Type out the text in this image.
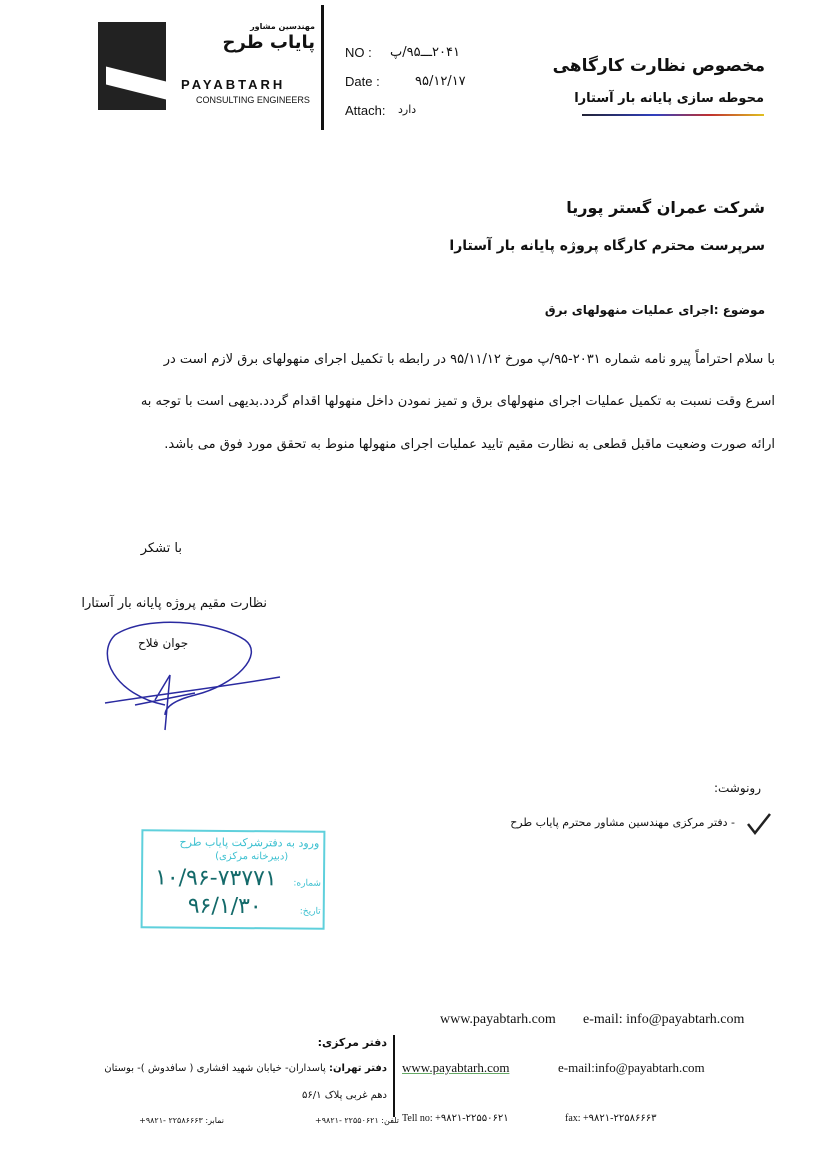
مهندسین مشاور
پایاب طرح
PAYABTARH
CONSULTING ENGINEERS
NO : ۲۰۴۱ـــ۹۵/پ
Date :	۹۵/۱۲/۱۷
Attach: دارد
مخصوص نظارت کارگاهی
محوطه سازی پایانه بار آستارا
شرکت عمران گستر پوریا
سرپرست محترم کارگاه پروژه پایانه بار آستارا
موضوع :اجرای عملیات منهولهای برق
با سلام احتراماً پیرو نامه شماره ۲۰۳۱-۹۵/پ مورخ ۹۵/۱۱/۱۲ در رابطه با تکمیل اجرای منهولهای برق لازم است در
اسرع وقت نسبت به تکمیل عملیات اجرای منهولهای برق و تمیز نمودن داخل منهولها اقدام گردد.بدیهی است با توجه به
ارائه صورت وضعیت ماقبل قطعی به نظارت مقیم تایید عملیات اجرای منهولها منوط به تحقق مورد فوق می باشد.
با تشکر
نظارت مقیم پروژه پایانه بار آستارا
جوان فلاح
رونوشت:
- دفتر مرکزی مهندسین مشاور محترم پایاب طرح
ورود به دفترشرکت پایاب طرح
(دبیرخانه مرکزی)
شماره:
۱۰/۹۶-۷۳۷۷۱
تاریخ:
۹۶/۱/۳۰
www.payabtarh.com e-mail: info@payabtarh.com
دفتر مرکزی:
دفتر تهران: پاسداران- خیابان شهید افشاری ( سافدوش )- بوستان
دهم غربی پلاک ۵۶/۱
www.payabtarh.com	e-mail:info@payabtarh.com
تلفن: ۲۲۵۵۰۶۲۱ -۹۸۲۱+
نمابر: ۲۲۵۸۶۶۶۳ -۹۸۲۱+	Tell no: +۹۸۲۱-۲۲۵۵۰۶۲۱	fax: +۹۸۲۱-۲۲۵۸۶۶۶۳
